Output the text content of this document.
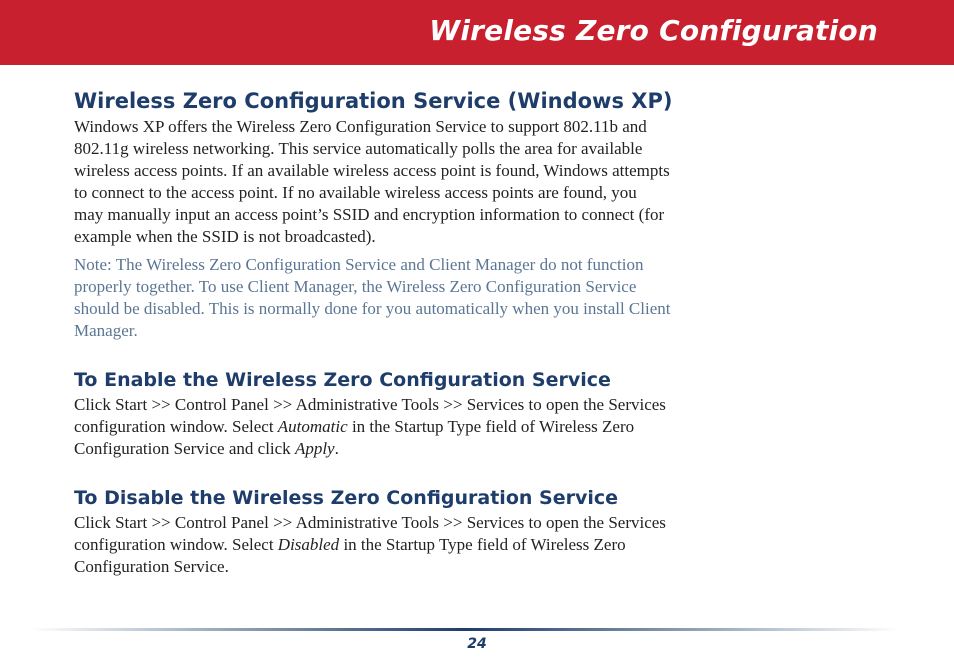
Wireless Zero Configuration
Wireless Zero Configuration Service (Windows XP)

Windows XP offers the Wireless Zero Configuration Service to support 802.11b and
802.11g wireless networking. This service automatically polls the area for available
wireless access points. If an available wireless access point is found, Windows attempts
to connect to the access point. If no available wireless access points are found, you
may manually input an access point’s SSID and encryption information to connect (for
example when the SSID is not broadcasted).

Note: The Wireless Zero Configuration Service and Client Manager do not function
properly together. To use Client Manager, the Wireless Zero Configuration Service
should be disabled. This is normally done for you automatically when you install Client
Manager.

To Enable the Wireless Zero Configuration Service

Click Start >> Control Panel >> Administrative Tools >> Services to open the Services
configuration window. Select Automatic in the Startup Type field of Wireless Zero
Configuration Service and click Apply.

To Disable the Wireless Zero Configuration Service

Click Start >> Control Panel >> Administrative Tools >> Services to open the Services
configuration window. Select Disabled in the Startup Type field of Wireless Zero
Configuration Service.

24
